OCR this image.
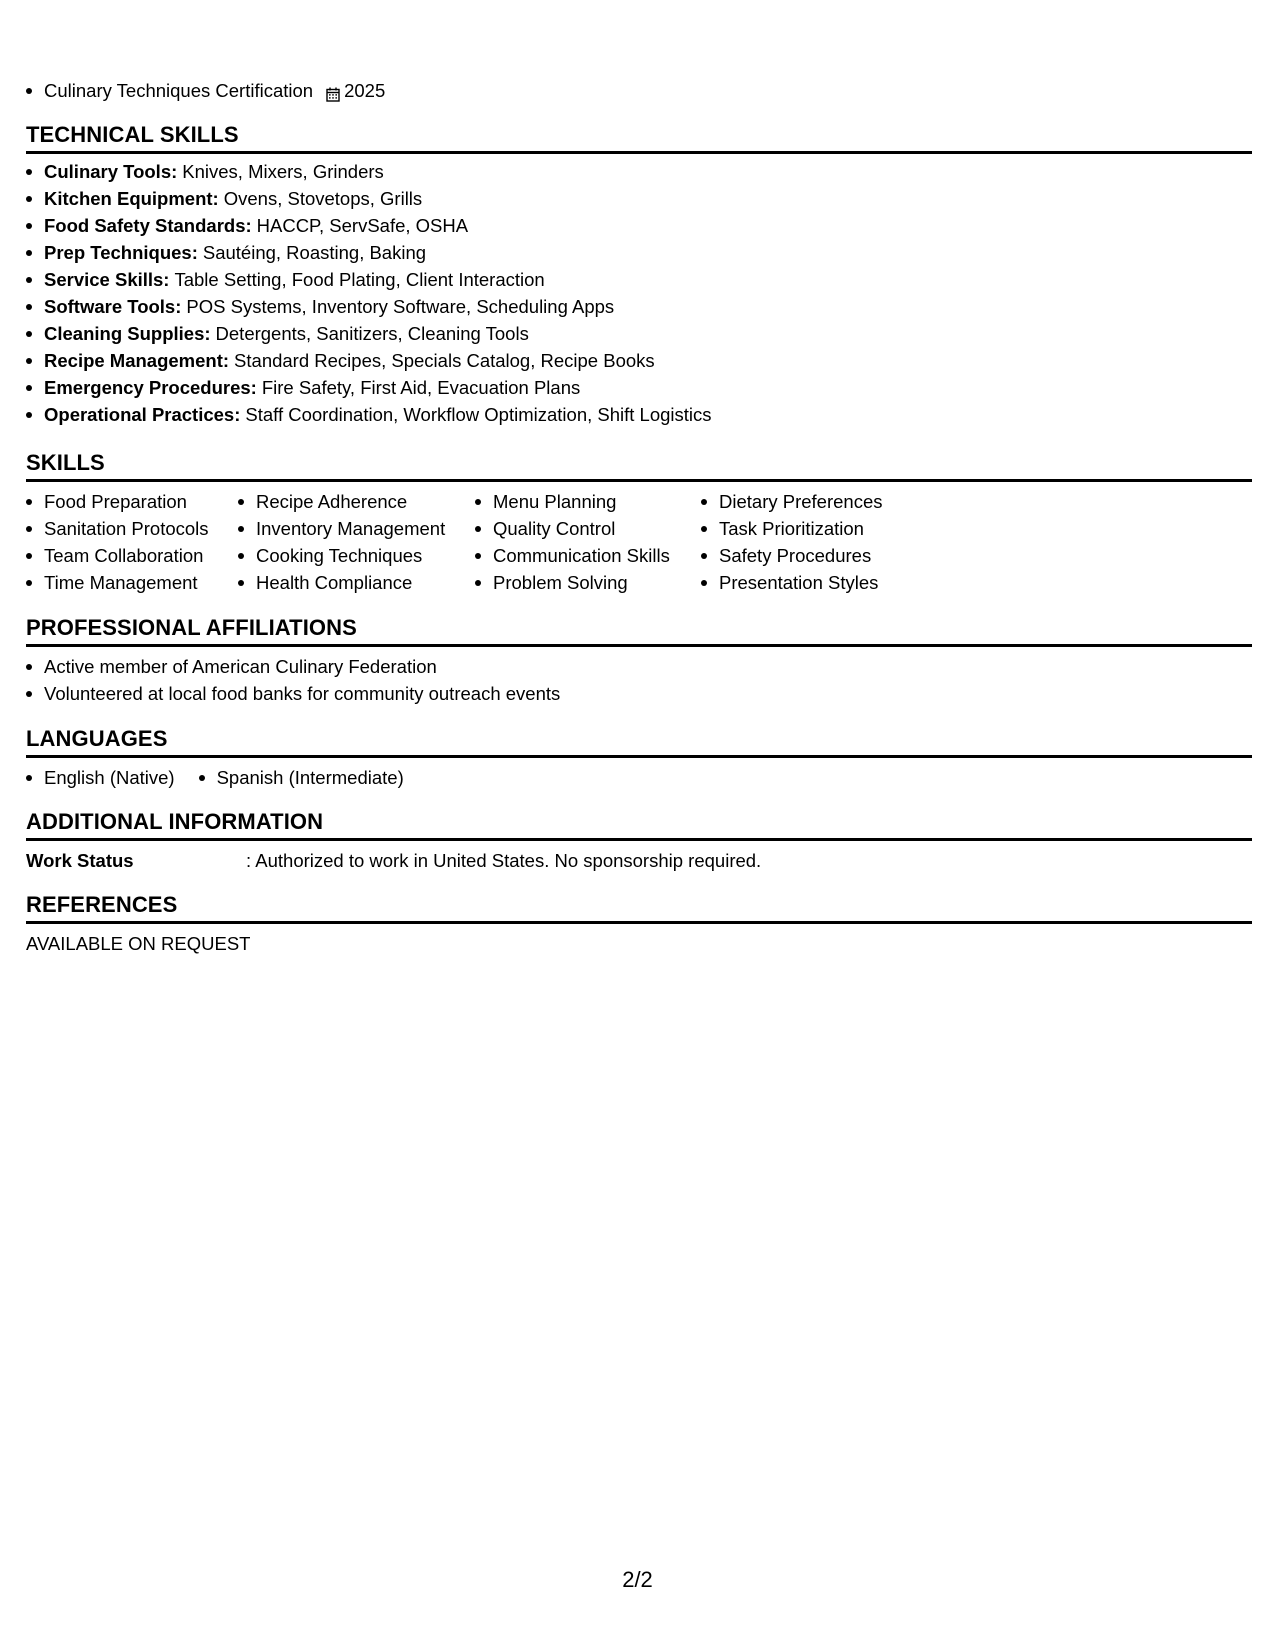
Culinary Techniques Certification 2025
TECHNICAL SKILLS
Culinary Tools: Knives, Mixers, Grinders
Kitchen Equipment: Ovens, Stovetops, Grills
Food Safety Standards: HACCP, ServSafe, OSHA
Prep Techniques: Sautéing, Roasting, Baking
Service Skills: Table Setting, Food Plating, Client Interaction
Software Tools: POS Systems, Inventory Software, Scheduling Apps
Cleaning Supplies: Detergents, Sanitizers, Cleaning Tools
Recipe Management: Standard Recipes, Specials Catalog, Recipe Books
Emergency Procedures: Fire Safety, First Aid, Evacuation Plans
Operational Practices: Staff Coordination, Workflow Optimization, Shift Logistics
SKILLS
Food Preparation
Sanitation Protocols
Team Collaboration
Time Management
Recipe Adherence
Inventory Management
Cooking Techniques
Health Compliance
Menu Planning
Quality Control
Communication Skills
Problem Solving
Dietary Preferences
Task Prioritization
Safety Procedures
Presentation Styles
PROFESSIONAL AFFILIATIONS
Active member of American Culinary Federation
Volunteered at local food banks for community outreach events
LANGUAGES
English (Native) Spanish (Intermediate)
ADDITIONAL INFORMATION
Work Status	: Authorized to work in United States. No sponsorship required.
REFERENCES
AVAILABLE ON REQUEST
2/2
